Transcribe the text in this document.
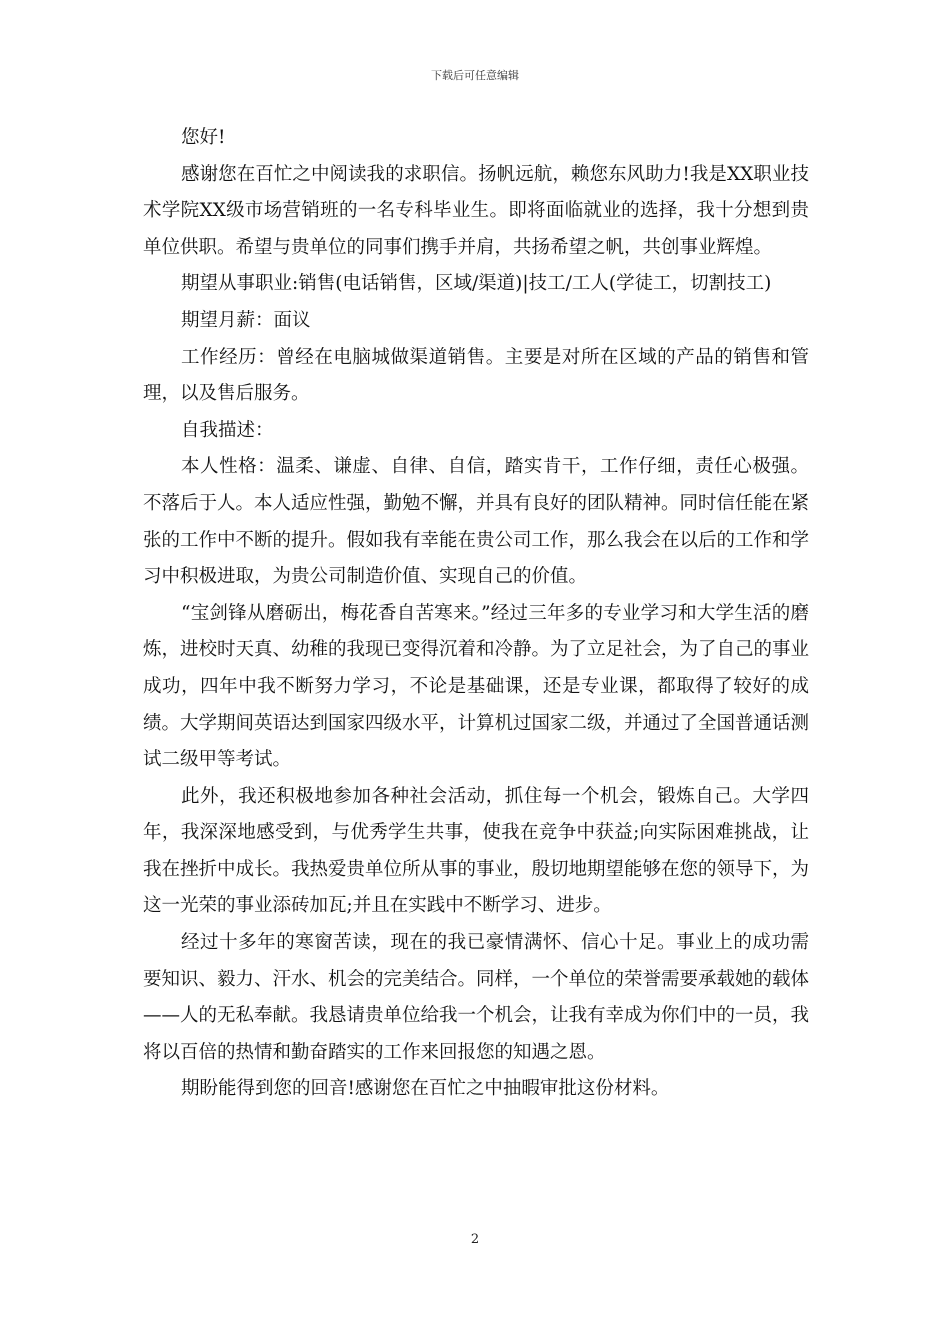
下载后可任意编辑

您好!

感谢您在百忙之中阅读我的求职信。扬帆远航，赖您东风助力!我是XX职业技术学院XX级市场营销班的一名专科毕业生。即将面临就业的选择，我十分想到贵单位供职。希望与贵单位的同事们携手并肩，共扬希望之帆，共创事业辉煌。

期望从事职业:销售(电话销售，区域/渠道)|技工/工人(学徒工，切割技工)

期望月薪：面议

工作经历：曾经在电脑城做渠道销售。主要是对所在区域的产品的销售和管理，以及售后服务。

自我描述：

本人性格：温柔、谦虚、自律、自信，踏实肯干，工作仔细，责任心极强。不落后于人。本人适应性强，勤勉不懈，并具有良好的团队精神。同时信任能在紧张的工作中不断的提升。假如我有幸能在贵公司工作，那么我会在以后的工作和学习中积极进取，为贵公司制造价值、实现自己的价值。

“宝剑锋从磨砺出，梅花香自苦寒来。”经过三年多的专业学习和大学生活的磨炼，进校时天真、幼稚的我现已变得沉着和冷静。为了立足社会，为了自己的事业成功，四年中我不断努力学习，不论是基础课，还是专业课，都取得了较好的成绩。大学期间英语达到国家四级水平，计算机过国家二级，并通过了全国普通话测试二级甲等考试。

此外，我还积极地参加各种社会活动，抓住每一个机会，锻炼自己。大学四年，我深深地感受到，与优秀学生共事，使我在竞争中获益;向实际困难挑战，让我在挫折中成长。我热爱贵单位所从事的事业，殷切地期望能够在您的领导下，为这一光荣的事业添砖加瓦;并且在实践中不断学习、进步。

经过十多年的寒窗苦读，现在的我已豪情满怀、信心十足。事业上的成功需要知识、毅力、汗水、机会的完美结合。同样，一个单位的荣誉需要承载她的载体——人的无私奉献。我恳请贵单位给我一个机会，让我有幸成为你们中的一员，我将以百倍的热情和勤奋踏实的工作来回报您的知遇之恩。

期盼能得到您的回音!感谢您在百忙之中抽暇审批这份材料。

2
